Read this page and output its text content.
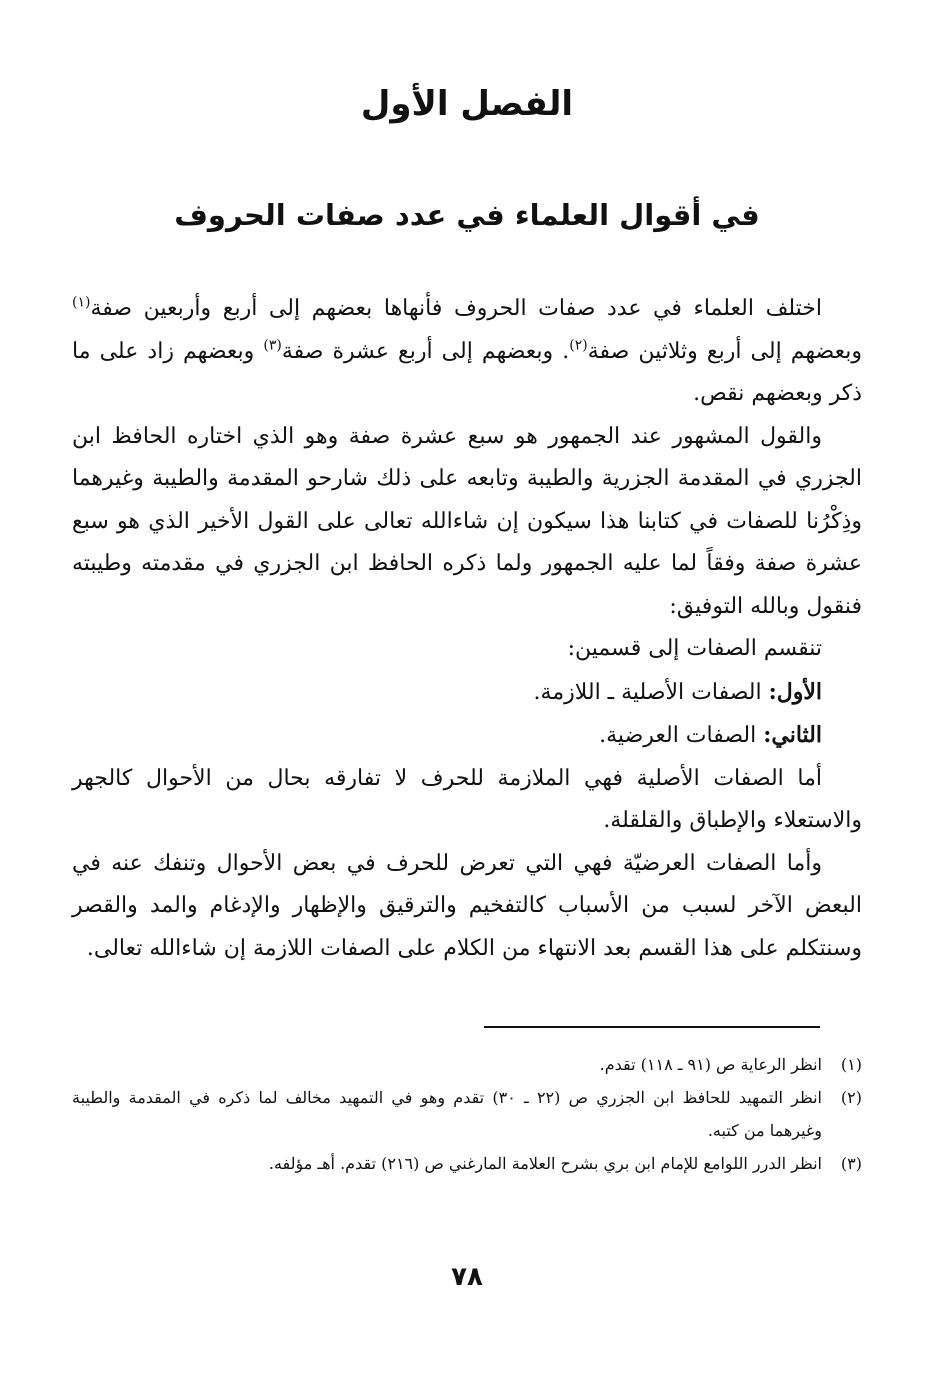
الفصل الأول
في أقوال العلماء في عدد صفات الحروف

اختلف العلماء في عدد صفات الحروف فأنهاها بعضهم إلى أربع وأربعين صفة$^{(١)}$ وبعضهم إلى أربع وثلاثين صفة$^{(٢)}$. وبعضهم إلى أربع عشرة صفة$^{(٣)}$ وبعضهم زاد على ما ذكر وبعضهم نقص.

والقول المشهور عند الجمهور هو سبع عشرة صفة وهو الذي اختاره الحافظ ابن الجزري في المقدمة الجزرية والطيبة وتابعه على ذلك شارحو المقدمة والطيبة وغيرهما وذِكْرُنا للصفات في كتابنا هذا سيكون إن شاءالله تعالى على القول الأخير الذي هو سبع عشرة صفة وفقاً لما عليه الجمهور ولما ذكره الحافظ ابن الجزري في مقدمته وطيبته فنقول وبالله التوفيق:

تنقسم الصفات إلى قسمين:

الأول: الصفات الأصلية ـ اللازمة.

الثاني: الصفات العرضية.

أما الصفات الأصلية فهي الملازمة للحرف لا تفارقه بحال من الأحوال كالجهر والاستعلاء والإطباق والقلقلة.

وأما الصفات العرضيّة فهي التي تعرض للحرف في بعض الأحوال وتنفك عنه في البعض الآخر لسبب من الأسباب كالتفخيم والترقيق والإظهار والإدغام والمد والقصر وسنتكلم على هذا القسم بعد الانتهاء من الكلام على الصفات اللازمة إن شاءالله تعالى.

(١)
انظر الرعاية ص (٩١ ـ ١١٨) تقدم.
(٢)
انظر التمهيد للحافظ ابن الجزري ص (٢٢ ـ ٣٠) تقدم وهو في التمهيد مخالف لما ذكره في المقدمة والطيبة وغيرهما من كتبه.
(٣)
انظر الدرر اللوامع للإمام ابن بري بشرح العلامة المارغني ص (٢١٦) تقدم. أهـ مؤلفه.
٧٨
